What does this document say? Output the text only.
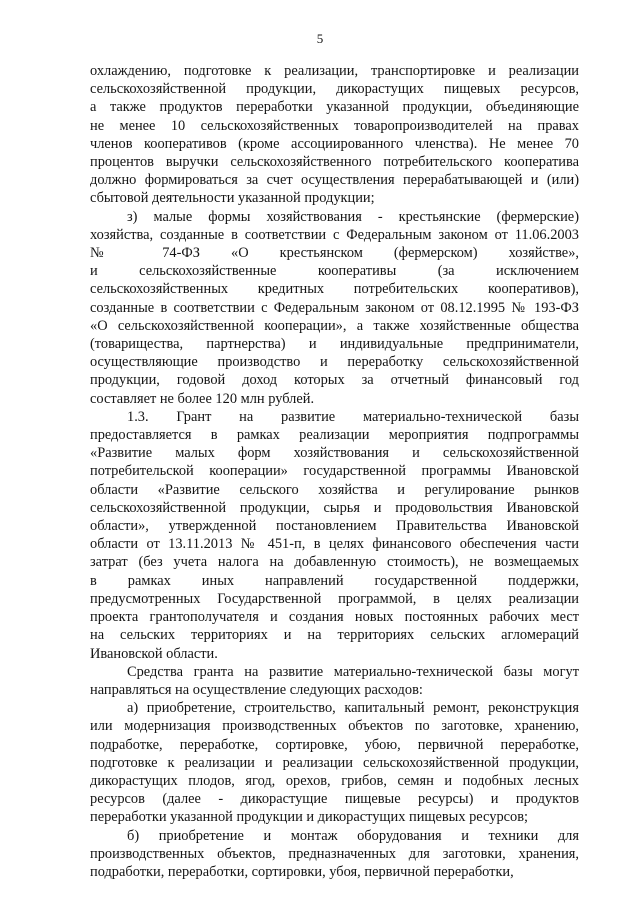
5
охлаждению, подготовке к реализации, транспортировке и реализации
сельскохозяйственной продукции, дикорастущих пищевых ресурсов,
а также продуктов переработки указанной продукции, объединяющие
не менее 10 сельскохозяйственных товаропроизводителей на правах
членов кооперативов (кроме ассоциированного членства). Не менее 70
процентов выручки сельскохозяйственного потребительского кооператива
должно формироваться за счет осуществления перерабатывающей и (или)
сбытовой деятельности указанной продукции;
з) малые формы хозяйствования - крестьянские (фермерские)
хозяйства, созданные в соответствии с Федеральным законом от 11.06.2003
№ 74-ФЗ «О крестьянском (фермерском) хозяйстве»,
и сельскохозяйственные кооперативы (за исключением
сельскохозяйственных кредитных потребительских кооперативов),
созданные в соответствии с Федеральным законом от 08.12.1995 № 193-ФЗ
«О сельскохозяйственной кооперации», а также хозяйственные общества
(товарищества, партнерства) и индивидуальные предприниматели,
осуществляющие производство и переработку сельскохозяйственной
продукции, годовой доход которых за отчетный финансовый год
составляет не более 120 млн рублей.
1.3. Грант на развитие материально-технической базы
предоставляется в рамках реализации мероприятия подпрограммы
«Развитие малых форм хозяйствования и сельскохозяйственной
потребительской кооперации» государственной программы Ивановской
области «Развитие сельского хозяйства и регулирование рынков
сельскохозяйственной продукции, сырья и продовольствия Ивановской
области», утвержденной постановлением Правительства Ивановской
области от 13.11.2013 № 451-п, в целях финансового обеспечения части
затрат (без учета налога на добавленную стоимость), не возмещаемых
в рамках иных направлений государственной поддержки,
предусмотренных Государственной программой, в целях реализации
проекта грантополучателя и создания новых постоянных рабочих мест
на сельских территориях и на территориях сельских агломераций
Ивановской области.
Средства гранта на развитие материально-технической базы могут
направляться на осуществление следующих расходов:
а) приобретение, строительство, капитальный ремонт, реконструкция
или модернизация производственных объектов по заготовке, хранению,
подработке, переработке, сортировке, убою, первичной переработке,
подготовке к реализации и реализации сельскохозяйственной продукции,
дикорастущих плодов, ягод, орехов, грибов, семян и подобных лесных
ресурсов (далее - дикорастущие пищевые ресурсы) и продуктов
переработки указанной продукции и дикорастущих пищевых ресурсов;
б) приобретение и монтаж оборудования и техники для
производственных объектов, предназначенных для заготовки, хранения,
подработки, переработки, сортировки, убоя, первичной переработки,
